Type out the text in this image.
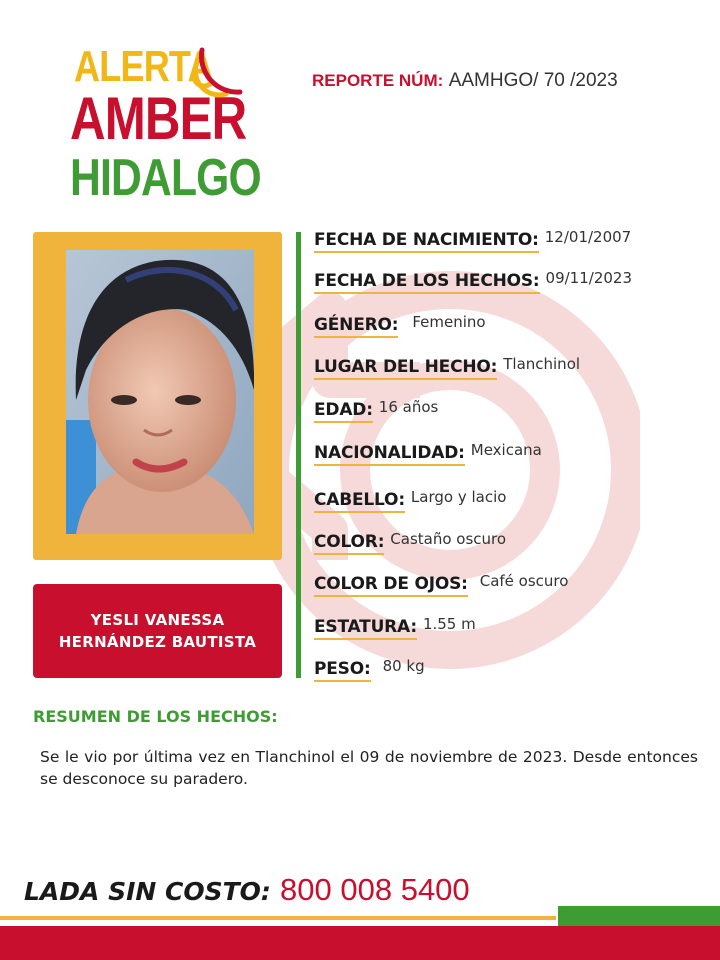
ALERTA
AMBER
HIDALGO
REPORTE NÚM: AAMHGO/ 70 /2023
YESLI VANESSA
HERNÁNDEZ BAUTISTA
FECHA DE NACIMIENTO: 12/01/2007
FECHA DE LOS HECHOS: 09/11/2023
GÉNERO: Femenino
LUGAR DEL HECHO: Tlanchinol
EDAD: 16 años
NACIONALIDAD: Mexicana
CABELLO: Largo y lacio
COLOR: Castaño oscuro
COLOR DE OJOS: Café oscuro
ESTATURA: 1.55 m
PESO: 80 kg
RESUMEN DE LOS HECHOS:
Se le vio por última vez en Tlanchinol el 09 de noviembre de 2023. Desde entonces se desconoce su paradero.
LADA SIN COSTO: 800 008 5400
